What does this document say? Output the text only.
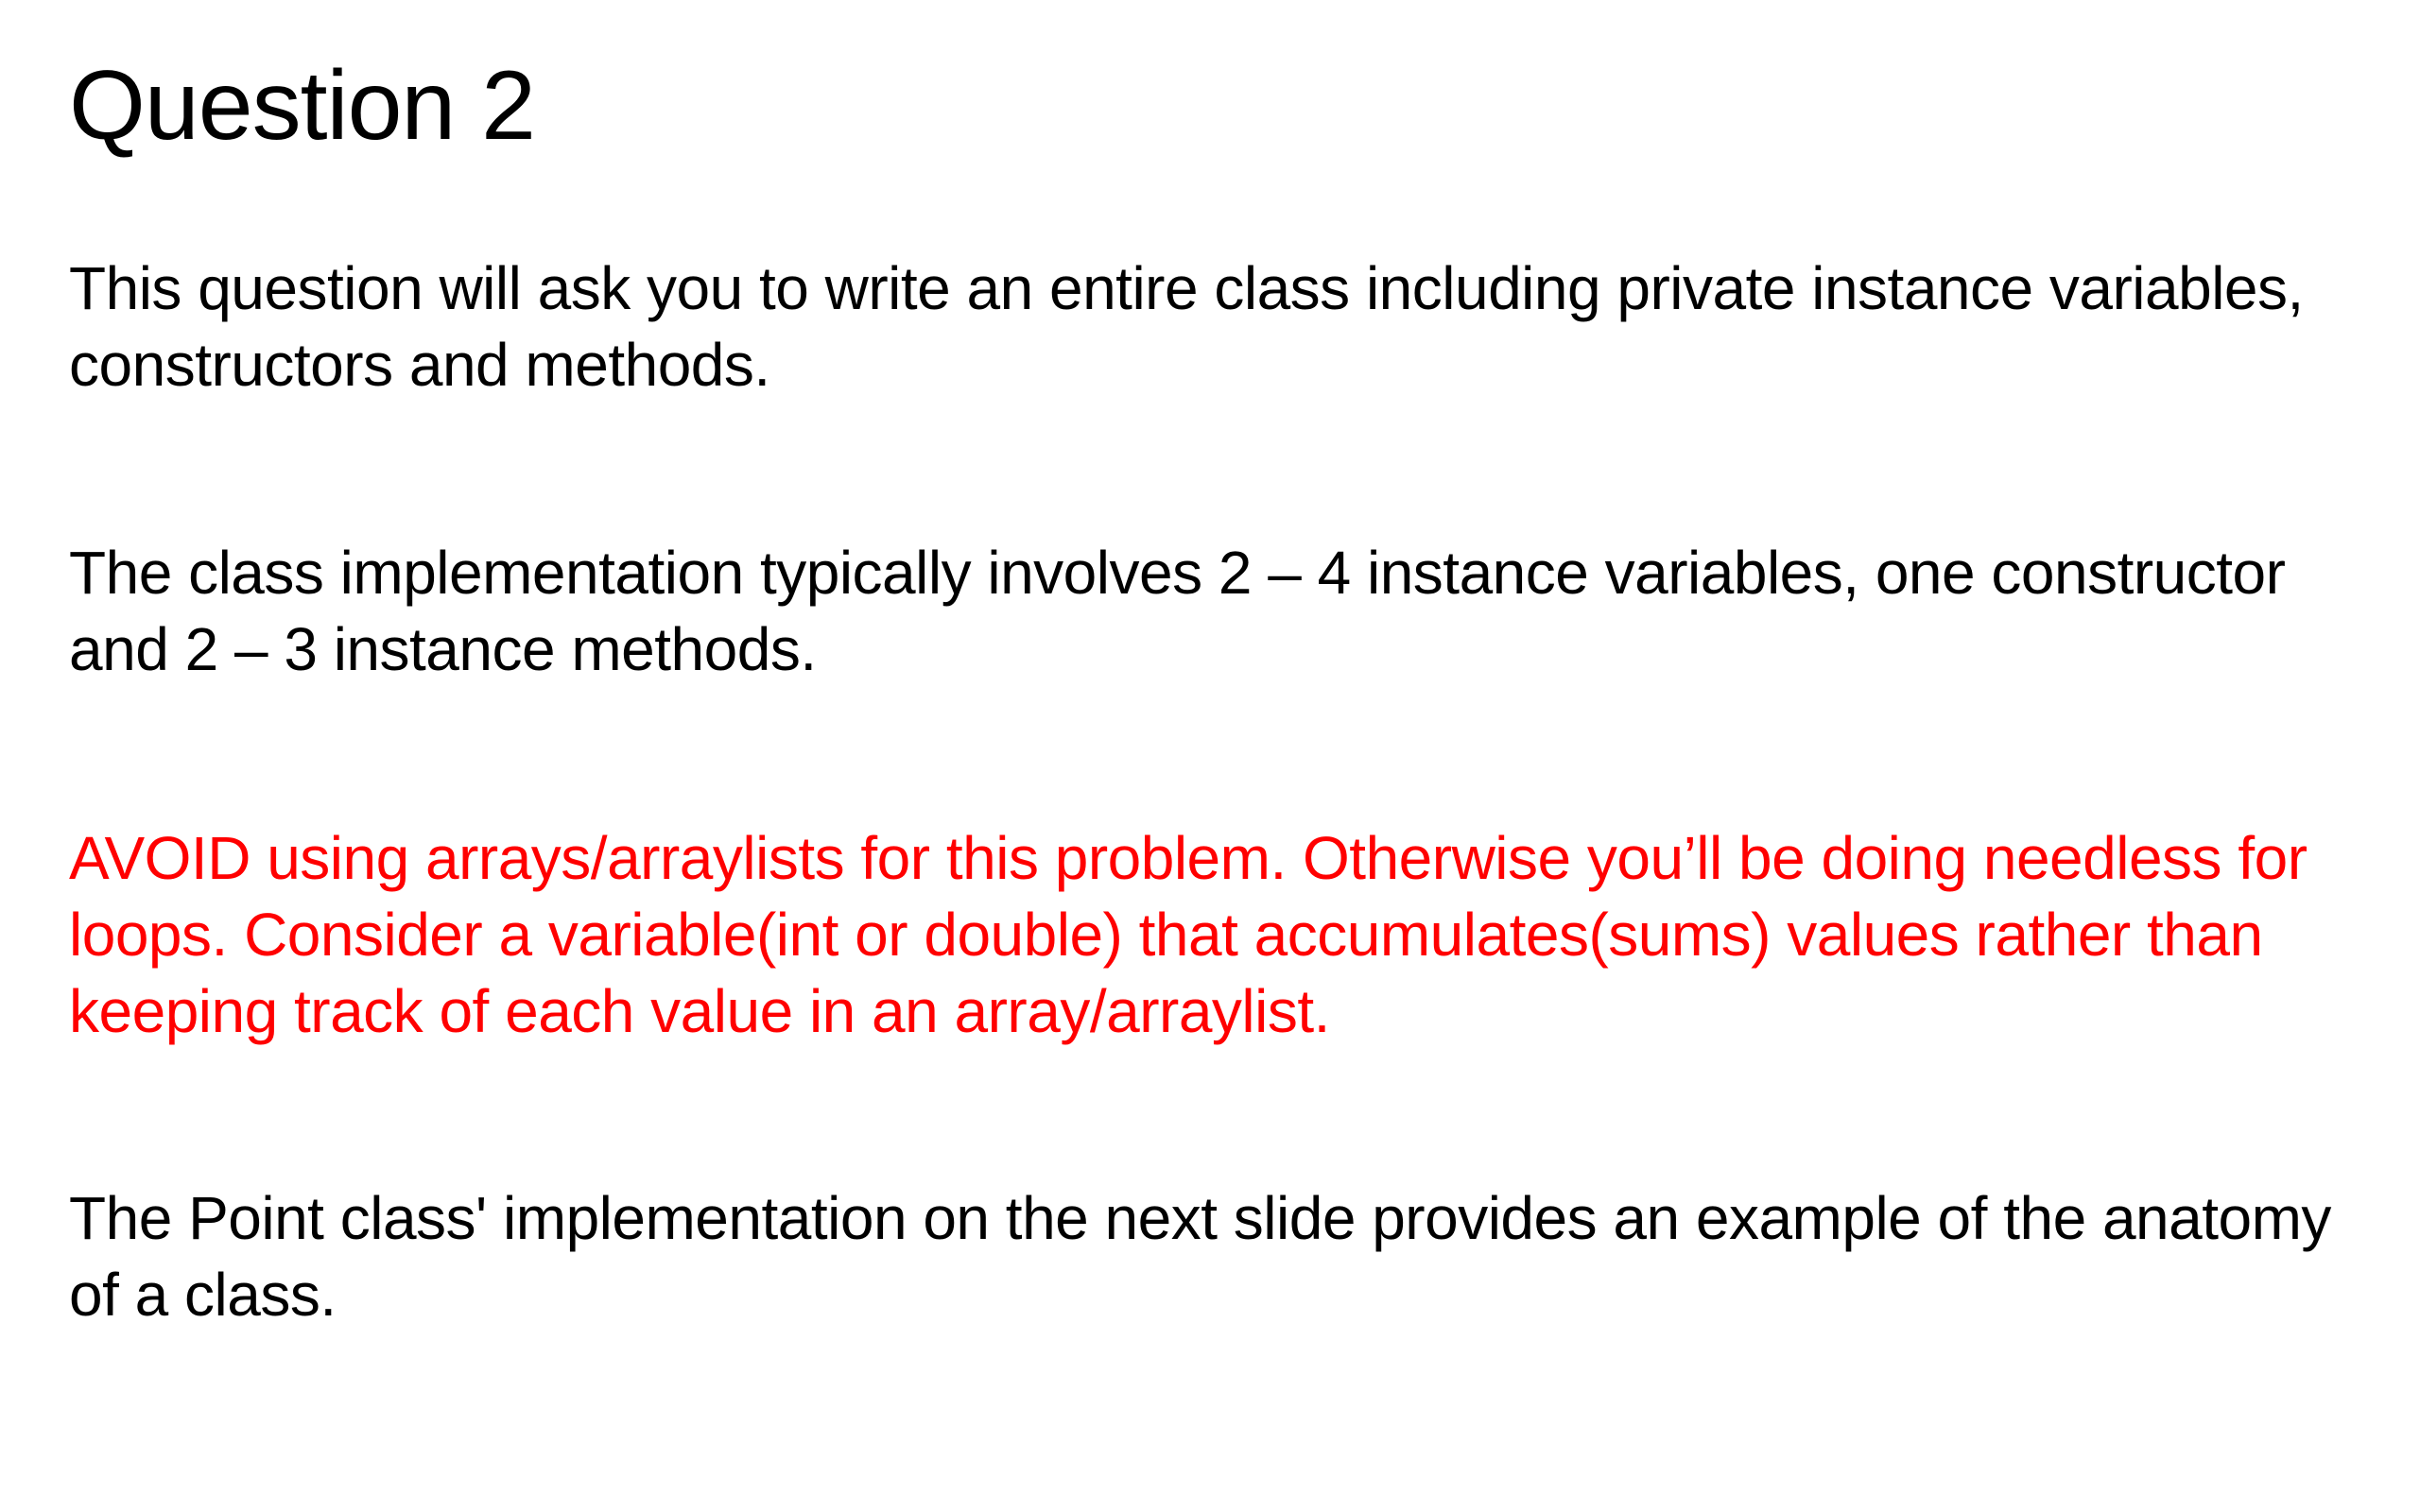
Question 2

This question will ask you to write an entire class including private instance variables, constructors and methods.

The class implementation typically involves 2 – 4 instance variables, one constructor and 2 – 3 instance methods.

AVOID using arrays/arraylists for this problem. Otherwise you’ll be doing needless for loops. Consider a variable(int or double) that accumulates(sums) values rather than keeping track of each value in an array/arraylist.

The Point class' implementation on the next slide provides an example of the anatomy of a class.
